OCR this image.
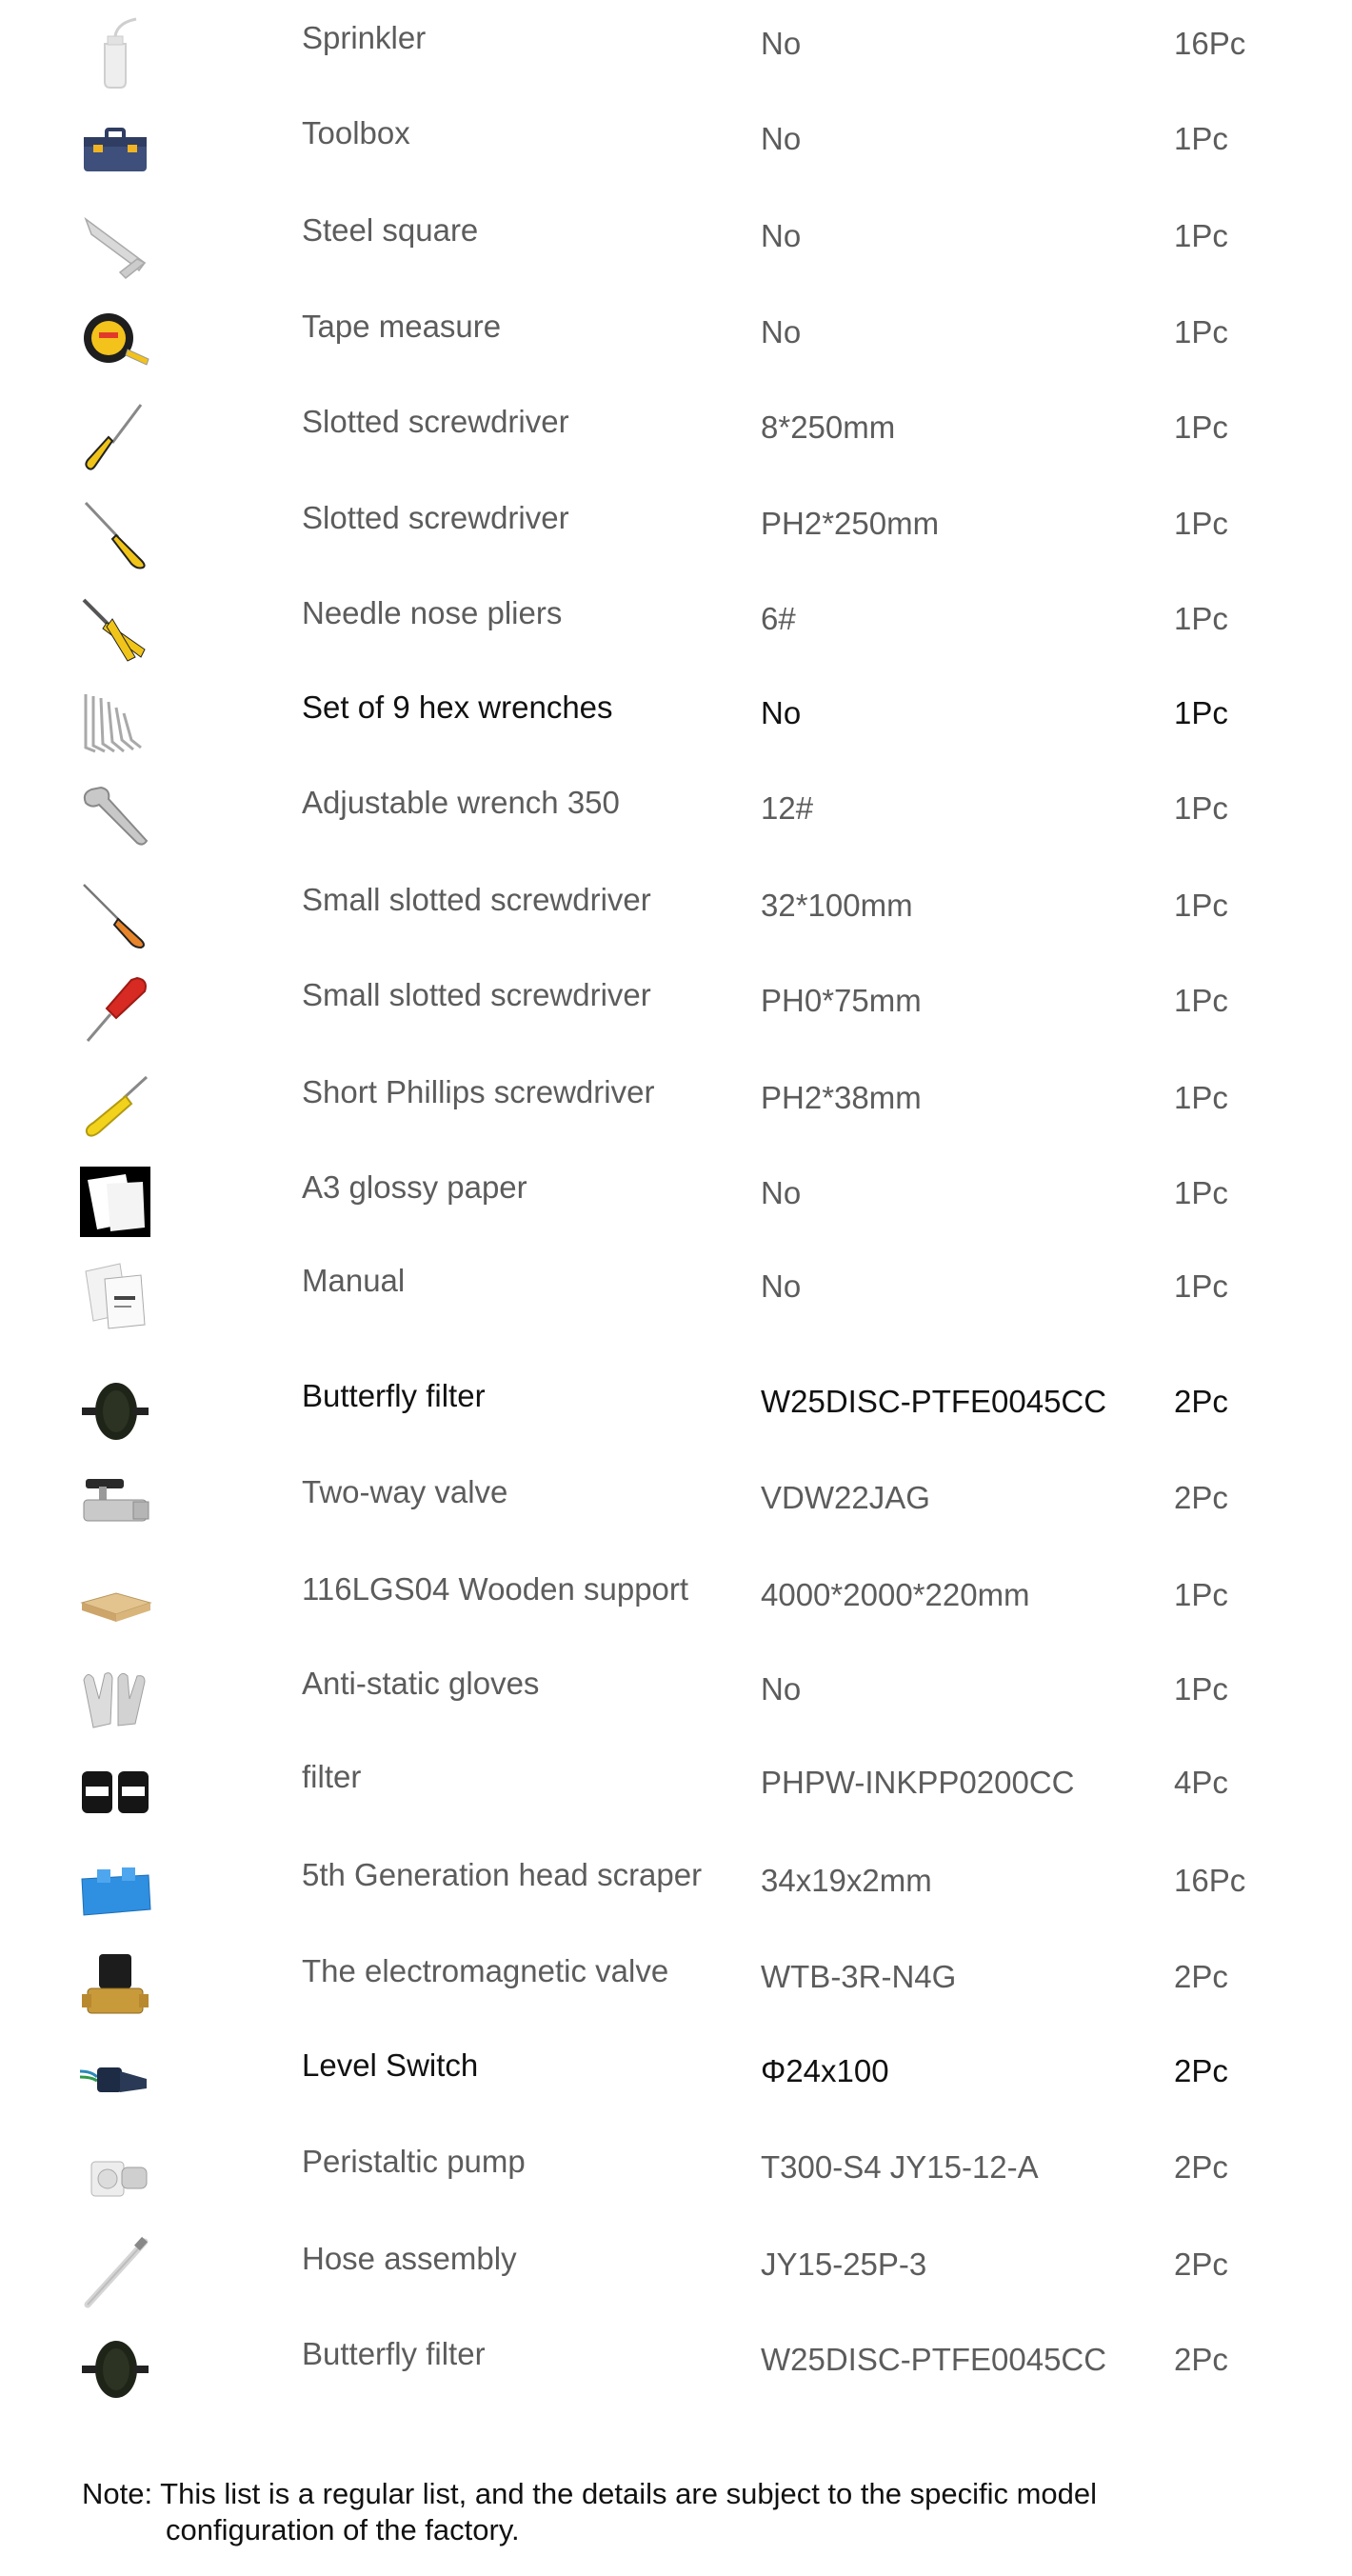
Sprinkler	No	16Pc
Toolbox	No	1Pc
Steel square	No	1Pc
Tape measure	No	1Pc
Slotted screwdriver	8*250mm	1Pc
Slotted screwdriver	PH2*250mm	1Pc
Needle nose pliers	6#	1Pc
Set of 9 hex wrenches	No	1Pc
Adjustable wrench 350	12#	1Pc
Small slotted screwdriver	32*100mm	1Pc
Small slotted screwdriver	PH0*75mm	1Pc
Short Phillips screwdriver	PH2*38mm	1Pc
A3 glossy paper	No	1Pc
Manual	No	1Pc
Butterfly filter	W25DISC-PTFE0045CC 2Pc
Two-way valve	VDW22JAG	2Pc
116LGS04 Wooden support 4000*2000*220mm	1Pc
Anti-static gloves	No	1Pc
filter	PHPW-INKPP0200CC	4Pc
5th Generation head scraper 34x19x2mm	16Pc
The electromagnetic valve	WTB-3R-N4G	2Pc
Level Switch	Φ24x100	2Pc
Peristaltic pump	T300-S4 JY15-12-A	2Pc
Hose assembly	JY15-25P-3	2Pc
Butterfly filter	W25DISC-PTFE0045CC 2Pc
Note: This list is a regular list, and the details are subject to the specific model
configuration of the factory.
